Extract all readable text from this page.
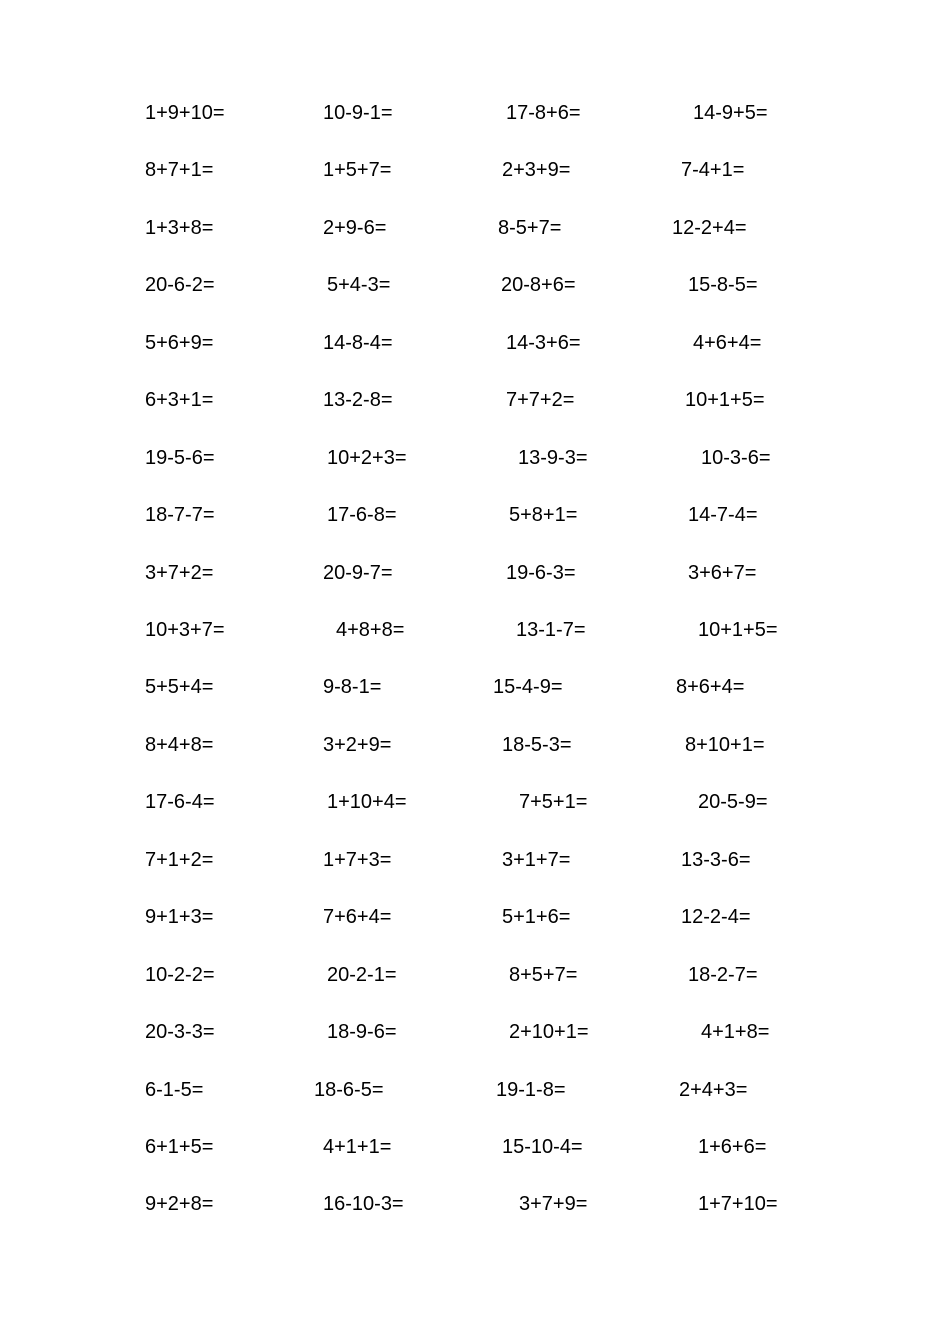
1+9+10=	10-9-1=	17-8+6=	14-9+5=
8+7+1=	1+5+7=	2+3+9=	7-4+1=
1+3+8=	2+9-6=	8-5+7=	12-2+4=
20-6-2=	5+4-3=	20-8+6=	15-8-5=
5+6+9=	14-8-4=	14-3+6=	4+6+4=
6+3+1=	13-2-8=	7+7+2=	10+1+5=
19-5-6=	10+2+3=	13-9-3=	10-3-6=
18-7-7=	17-6-8=	5+8+1=	14-7-4=
3+7+2=	20-9-7=	19-6-3=	3+6+7=
10+3+7=	4+8+8=	13-1-7=	10+1+5=
5+5+4=	9-8-1=	15-4-9=	8+6+4=
8+4+8=	3+2+9=	18-5-3=	8+10+1=
17-6-4=	1+10+4=	7+5+1=	20-5-9=
7+1+2=	1+7+3=	3+1+7=	13-3-6=
9+1+3=	7+6+4=	5+1+6=	12-2-4=
10-2-2=	20-2-1=	8+5+7=	18-2-7=
20-3-3=	18-9-6=	2+10+1=	4+1+8=
6-1-5=	18-6-5=	19-1-8=	2+4+3=
6+1+5=	4+1+1=	15-10-4=	1+6+6=
9+2+8=	16-10-3=	3+7+9=	1+7+10=
